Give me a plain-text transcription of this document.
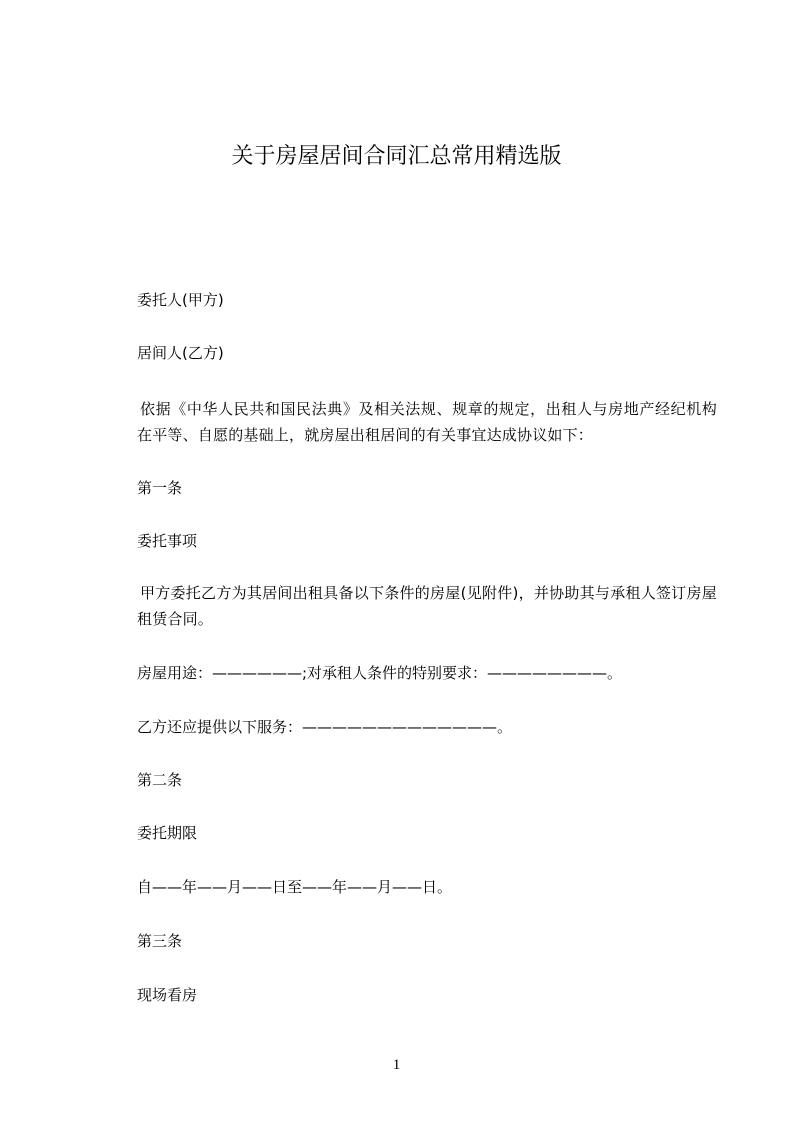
关于房屋居间合同汇总常用精选版
委托人(甲方)
居间人(乙方)
依据《中华人民共和国民法典》及相关法规、规章的规定，出租人与房地产经纪机构在平等、自愿的基础上，就房屋出租居间的有关事宜达成协议如下：
第一条
委托事项
甲方委托乙方为其居间出租具备以下条件的房屋(见附件)，并协助其与承租人签订房屋租赁合同。
房屋用途：——————;对承租人条件的特别要求：————————。
乙方还应提供以下服务：—————————————。
第二条
委托期限
自——年——月——日至——年——月——日。
第三条
现场看房
1
